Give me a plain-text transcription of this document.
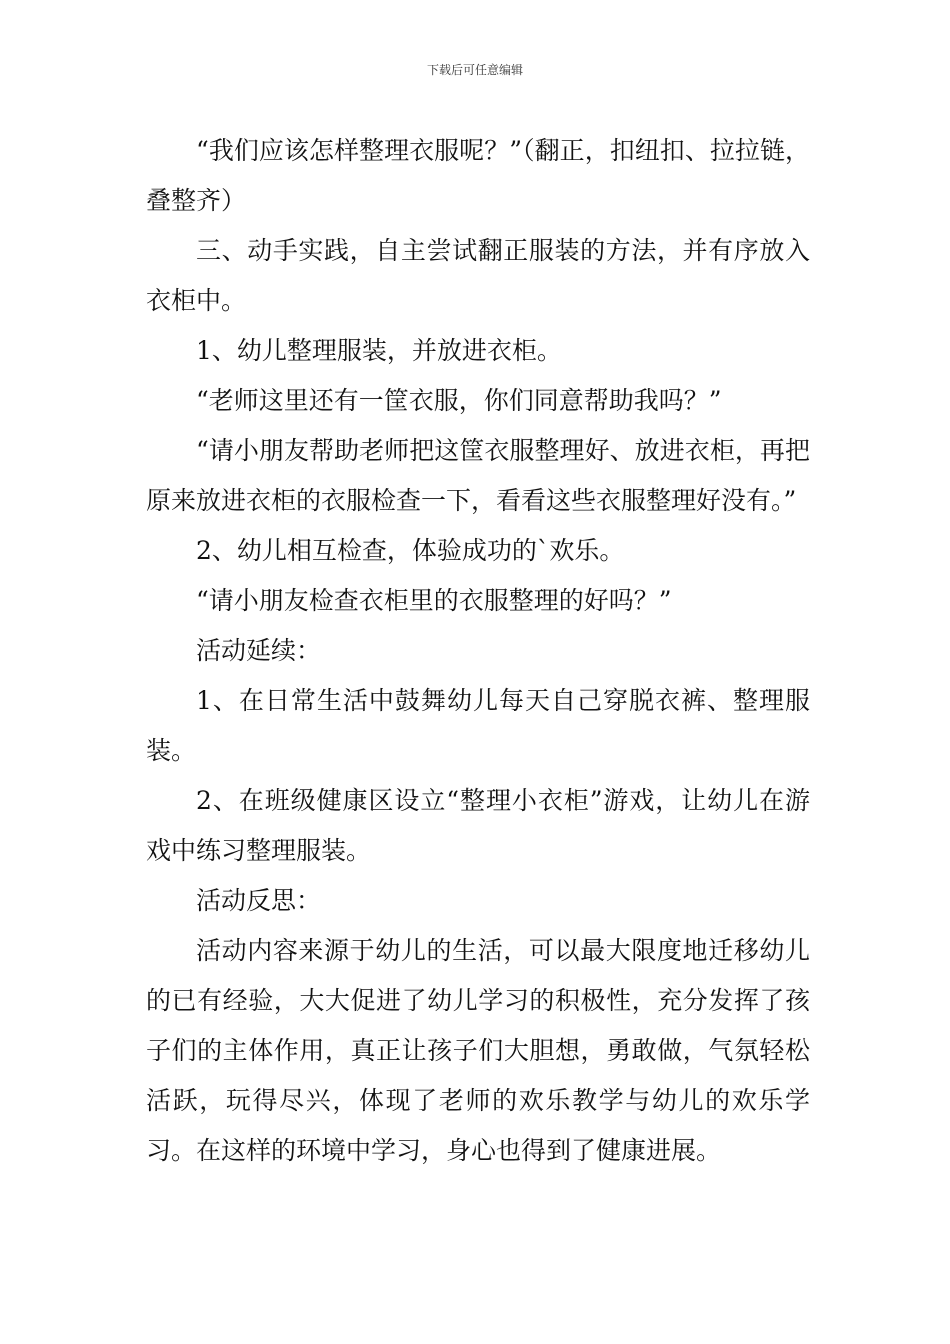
下载后可任意编辑

“我们应该怎样整理衣服呢？”（翻正，扣纽扣、拉拉链，叠整齐）

三、动手实践，自主尝试翻正服装的方法，并有序放入衣柜中。

1、幼儿整理服装，并放进衣柜。

“老师这里还有一筐衣服，你们同意帮助我吗？”

“请小朋友帮助老师把这筐衣服整理好、放进衣柜，再把原来放进衣柜的衣服检查一下，看看这些衣服整理好没有。”

2、幼儿相互检查，体验成功的`欢乐。

“请小朋友检查衣柜里的衣服整理的好吗？”

活动延续：

1、在日常生活中鼓舞幼儿每天自己穿脱衣裤、整理服装。

2、在班级健康区设立“整理小衣柜”游戏，让幼儿在游戏中练习整理服装。

活动反思：

活动内容来源于幼儿的生活，可以最大限度地迁移幼儿的已有经验，大大促进了幼儿学习的积极性，充分发挥了孩子们的主体作用，真正让孩子们大胆想，勇敢做，气氛轻松活跃，玩得尽兴，体现了老师的欢乐教学与幼儿的欢乐学习。在这样的环境中学习，身心也得到了健康进展。
